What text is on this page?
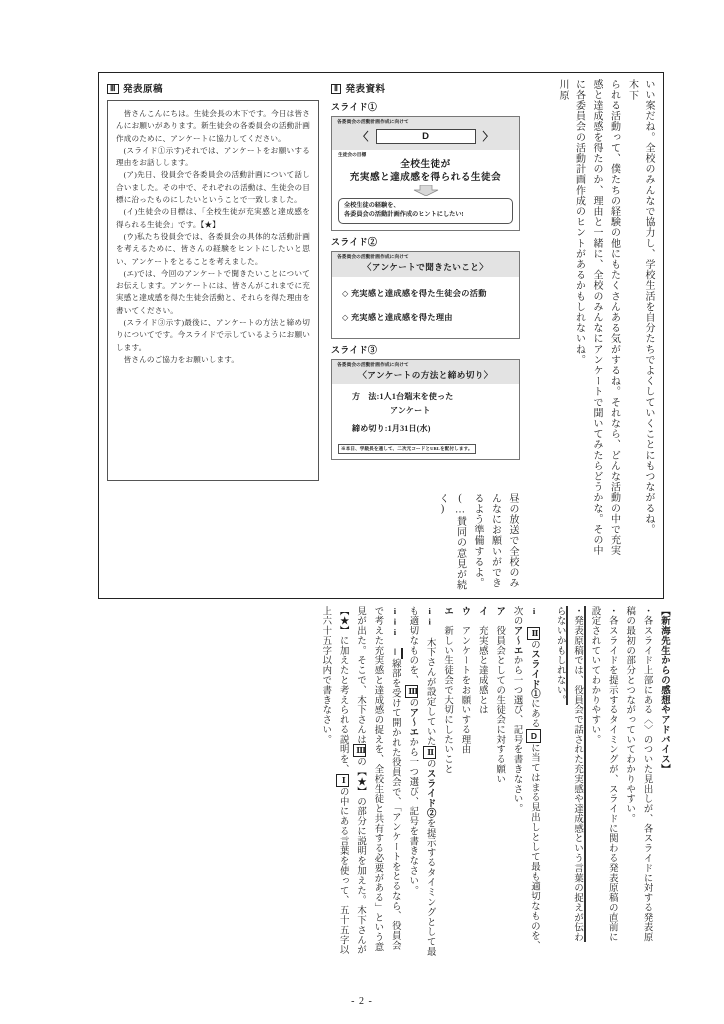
Ⅲ 発表原稿

皆さんこんにちは。生徒会長の木下です。今日は皆さんにお願いがあります。新生徒会の各委員会の活動計画作成のために、アンケートに協力してください。

(スライド①示す)それでは、アンケートをお願いする理由をお話しします。

(ア)先日、役員会で各委員会の活動計画について話し合いました。その中で、それぞれの活動は、生徒会の目標に沿ったものにしたいということで一致しました。

(イ)生徒会の目標は、「全校生徒が充実感と達成感を得られる生徒会」です。【★】

(ウ)私たち役員会では、各委員会の具体的な活動計画を考えるために、皆さんの経験をヒントにしたいと思い、アンケートをとることを考えました。

(エ)では、今回のアンケートで聞きたいことについてお伝えします。アンケートには、皆さんがこれまでに充実感と達成感を得た生徒会活動と、それらを得た理由を書いてください。

(スライド③示す)最後に、アンケートの方法と締め切りについてです。今スライドで示しているようにお願いします。

皆さんのご協力をお願いします。

Ⅱ 発表資料
スライド①
各委員会の活動計画作成に向けて
〈	D	〉
生徒会の目標
全校生徒が
充実感と達成感を得られる生徒会
全校生徒の経験を、
各委員会の活動計画作成のヒントにしたい!
スライド②
各委員会の活動計画作成に向けて
〈アンケートで聞きたいこと〉
◇ 充実感と達成感を得た生徒会の活動
◇ 充実感と達成感を得た理由
スライド③
各委員会の活動計画作成に向けて
〈アンケートの方法と締め切り〉
方　法:1人1台端末を使った
アンケート
締め切り:1月31日(水)
※本日、学級長を通して、二次元コードとURLを配付します。
川原	られる活動って、僕たちの経験の他にもたくさんある気がするね。それなら、どんな活動の中で充実感と達成感を得たのか、理由と一緒に、全校のみんなにアンケートで聞いてみたらどうかな。その中に各委員会の活動計画作成のヒントがあるかもしれないね。	木下 いい案だね。全校のみんなで協力し、学校生活を自分たちでよくしていくことにもつながるね。
昼の放送で全校のみんなにお願いができるよう準備するよ。(…賛同の意見が続く)
【新海先生からの感想やアドバイス】
・各スライド上部にある〈〉のついた見出しが、各スライドに対する発表原稿の最初の部分とつながっていてわかりやすい。
・各スライドを提示するタイミングが、スライドに関わる発表原稿の直前に設定されていてわかりやすい。
・発表原稿では、役員会で話された充実感や達成感という言葉の捉えが伝わらないかもしれない。
i Ⅱのスライド①にあるDに当てはまる見出しとして最も適切なものを、次のア〜エから一つ選び、記号を書きなさい。
ア　役員会としての生徒会に対する願い
イ　充実感と達成感とは
ウ　アンケートをお願いする理由
エ　新しい生徒会で大切にしたいこと
ii 木下さんが設定していたⅡのスライド②を提示するタイミングとして最も適切なものを、Ⅲのア〜エから一つ選び、記号を書きなさい。
iii ‖線部を受けて開かれた役員会で、「アンケートをとるなら、役員会で考えた充実感と達成感の捉えを、全校生徒と共有する必要がある」という意見が出た。そこで、木下さんはⅢの【★】の部分に説明を加えた。木下さんが【★】に加えたと考えられる説明を、Ⅰの中にある言葉を使って、五十五字以上六十五字以内で書きなさい。
- 2 -
